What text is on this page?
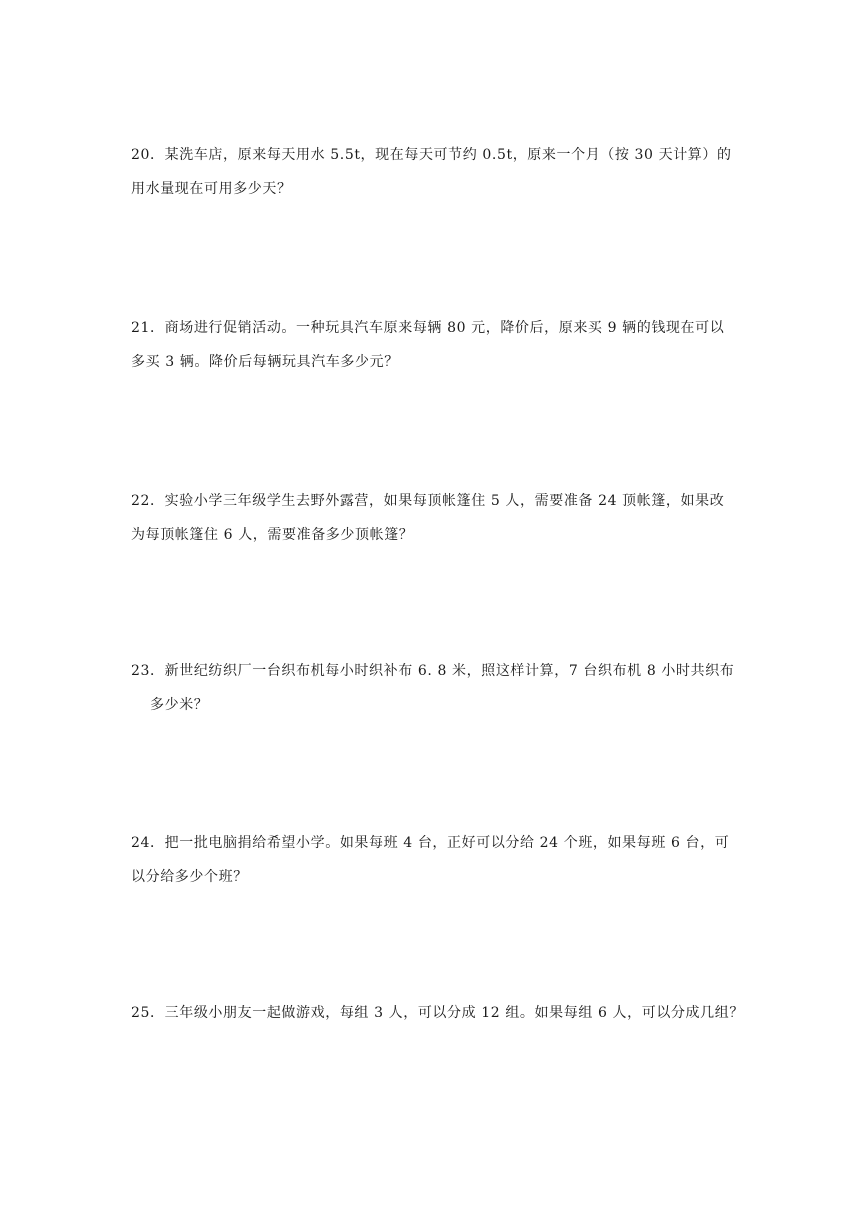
20．某洗车店，原来每天用水 5.5t，现在每天可节约 0.5t，原来一个月（按 30 天计算）的
用水量现在可用多少天？
21．商场进行促销活动。一种玩具汽车原来每辆 80 元，降价后，原来买 9 辆的钱现在可以
多买 3 辆。降价后每辆玩具汽车多少元？
22．实验小学三年级学生去野外露营，如果每顶帐篷住 5 人，需要准备 24 顶帐篷，如果改
为每顶帐篷住 6 人，需要准备多少顶帐篷？
23．新世纪纺织厂一台织布机每小时织补布 6. 8 米，照这样计算，7 台织布机 8 小时共织布
多少米？
24．把一批电脑捐给希望小学。如果每班 4 台，正好可以分给 24 个班，如果每班 6 台，可
以分给多少个班？
25．三年级小朋友一起做游戏，每组 3 人，可以分成 12 组。如果每组 6 人，可以分成几组？
